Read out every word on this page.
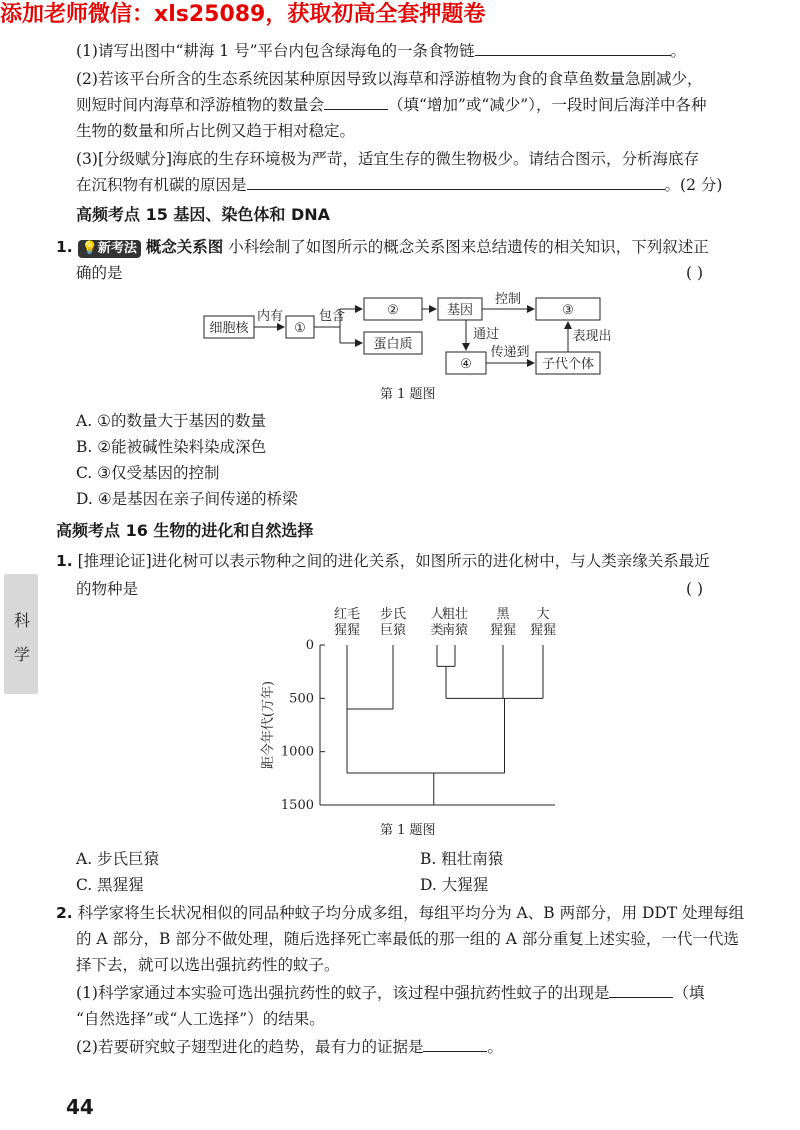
添加老师微信：xls25089，获取初高全套押题卷
(1)请写出图中“耕海 1 号”平台内包含绿海龟的一条食物链	。
(2)若该平台所含的生态系统因某种原因导致以海草和浮游植物为食的食草鱼数量急剧减少，
则短时间内海草和浮游植物的数量会	（填“增加”或“减少”），一段时间后海洋中各种
生物的数量和所占比例又趋于相对稳定。
(3)[分级赋分]海底的生存环境极为严苛，适宜生存的微生物极少。请结合图示，分析海底存
在沉积物有机碳的原因是	。(2 分)
高频考点 15 基因、染色体和 DNA
1. 💡新考法 概念关系图 小科绘制了如图所示的概念关系图来总结遗传的相关知识，下列叙述正
确的是	( )
细胞核
内有
①
包含	②
蛋白质
基因
控制
③
通过
④
传递到
子代个体
表现出
第 1 题图
A. ①的数量大于基因的数量
B. ②能被碱性染料染成深色
C. ③仅受基因的控制
D. ④是基因在亲子间传递的桥梁
高频考点 16 生物的进化和自然选择
1. [推理论证]进化树可以表示物种之间的进化关系，如图所示的进化树中，与人类亲缘关系最近
的物种是	( )
科
学	0
500
1000
1500
距今年代(万年)
红毛猩猩
步氏巨猿
人类
粗壮南猿
黑猩猩
大猩猩
第 1 题图
A. 步氏巨猿	B. 粗壮南猿
C. 黑猩猩	D. 大猩猩
2. 科学家将生长状况相似的同品种蚊子均分成多组，每组平均分为 A、B 两部分，用 DDT 处理每组
的 A 部分，B 部分不做处理，随后选择死亡率最低的那一组的 A 部分重复上述实验，一代一代选
择下去，就可以选出强抗药性的蚊子。
(1)科学家通过本实验可选出强抗药性的蚊子，该过程中强抗药性蚊子的出现是	（填
“自然选择”或“人工选择”）的结果。
(2)若要研究蚊子翅型进化的趋势，最有力的证据是	。
44
